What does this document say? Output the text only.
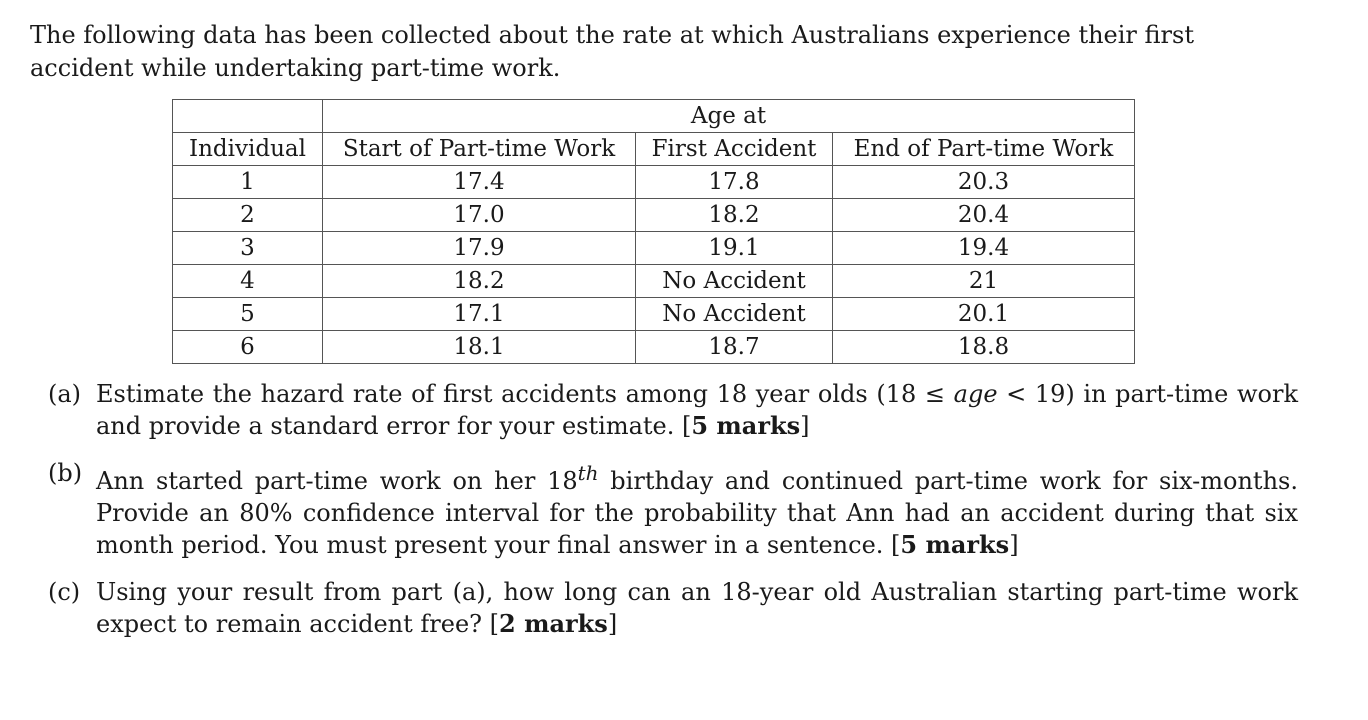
The following data has been collected about the rate at which Australians experience their first accident while undertaking part-time work.

	Age at		
Individual	Start of Part-time Work	First Accident	End of Part-time Work
1	17.4	17.8	20.3
2	17.0	18.2	20.4
3	17.9	19.1	19.4
4	18.2	No Accident	21
5	17.1	No Accident	20.1
6	18.1	18.7	18.8
(a) Estimate the hazard rate of first accidents among 18 year olds (18 ≤ age < 19) in part-time work and provide a standard error for your estimate. [5 marks]
(b) Ann started part-time work on her 18th birthday and continued part-time work for six-months. Provide an 80% confidence interval for the probability that Ann had an accident during that six month period. You must present your final answer in a sentence. [5 marks]
(c) Using your result from part (a), how long can an 18-year old Australian starting part-time work expect to remain accident free? [2 marks]
